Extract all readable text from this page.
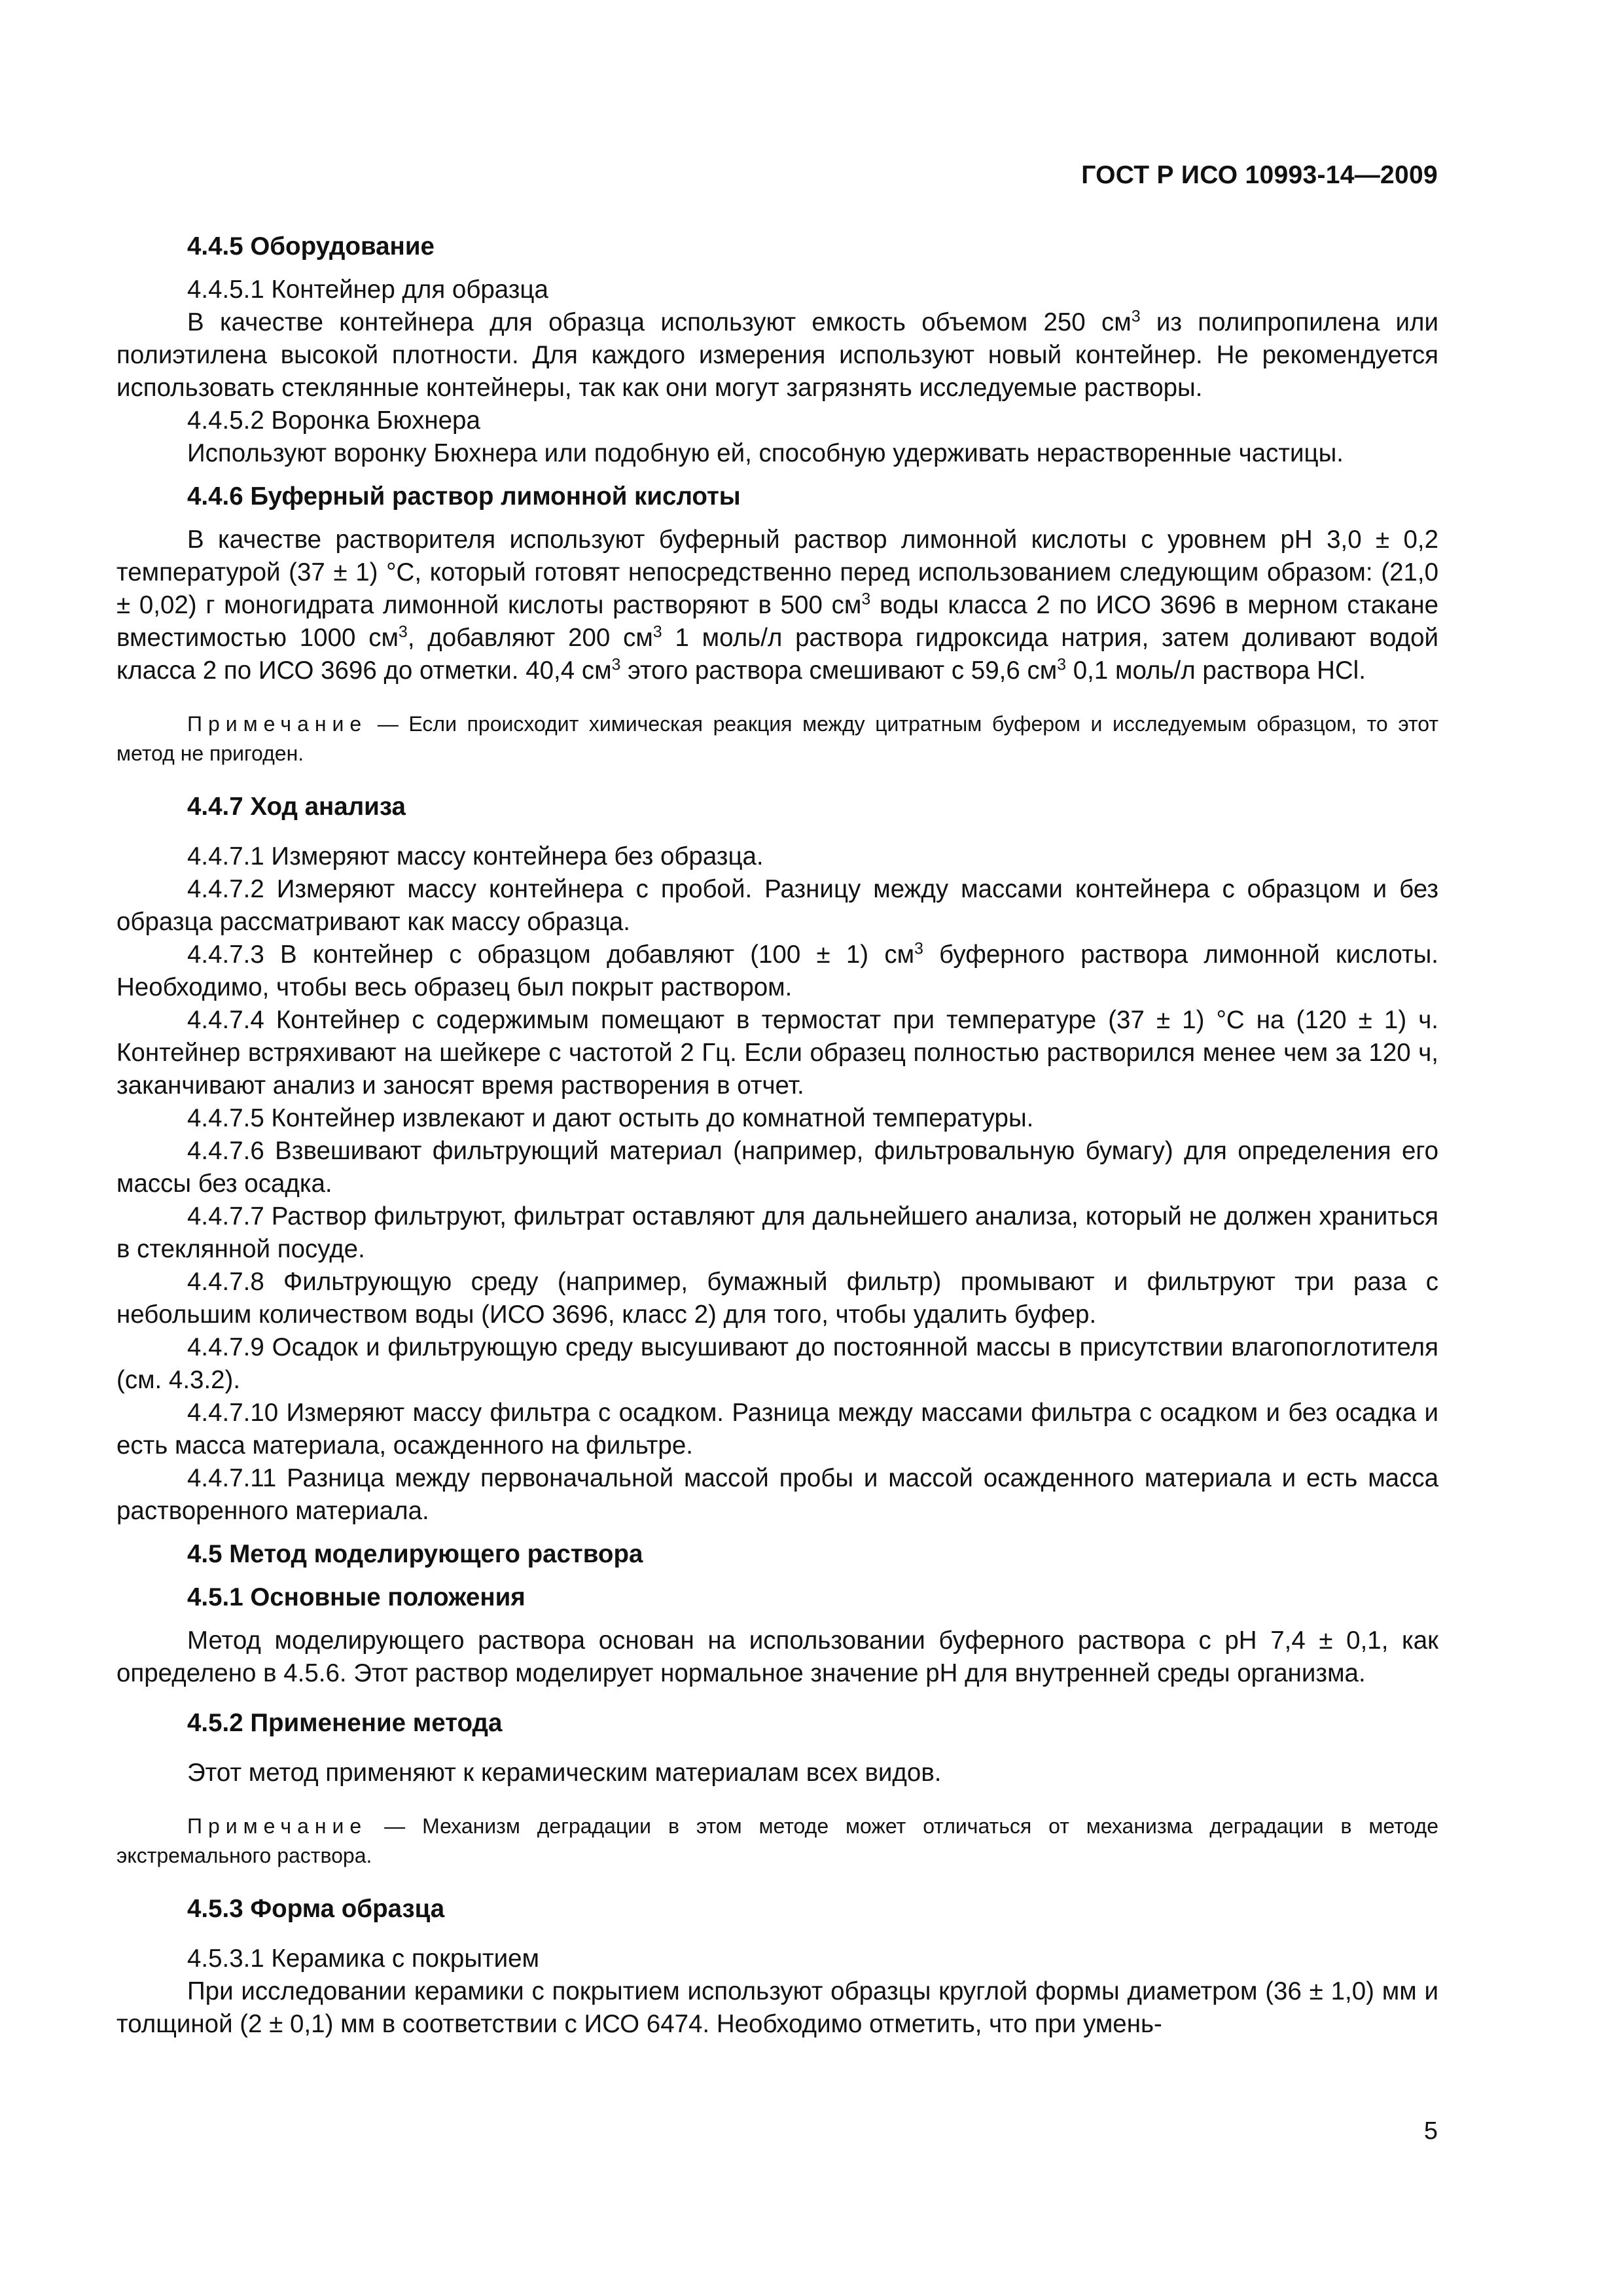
ГОСТ Р ИСО 10993-14—2009

4.4.5 Оборудование

4.4.5.1 Контейнер для образца

В качестве контейнера для образца используют емкость объемом 250 $см^3$ из полипропилена или полиэтилена высокой плотности. Для каждого измерения используют новый контейнер. Не рекомендуется использовать стеклянные контейнеры, так как они могут загрязнять исследуемые растворы.

4.4.5.2 Воронка Бюхнера

Используют воронку Бюхнера или подобную ей, способную удерживать нерастворенные частицы.

4.4.6 Буферный раствор лимонной кислоты

В качестве растворителя используют буферный раствор лимонной кислоты с уровнем pH 3,0 ± 0,2 температурой (37 ± 1) °С, который готовят непосредственно перед использованием следующим образом: (21,0 ± 0,02) г моногидрата лимонной кислоты растворяют в 500 $см^3$ воды класса 2 по ИСО 3696 в мерном стакане вместимостью 1000 $см^3$, добавляют 200 $см^3$ 1 моль/л раствора гидроксида натрия, затем доливают водой класса 2 по ИСО 3696 до отметки. 40,4 $см^3$ этого раствора смешивают с 59,6 $см^3$ 0,1 моль/л раствора HCl.

Примечание — Если происходит химическая реакция между цитратным буфером и исследуемым образцом, то этот метод не пригоден.

4.4.7 Ход анализа

4.4.7.1 Измеряют массу контейнера без образца.

4.4.7.2 Измеряют массу контейнера с пробой. Разницу между массами контейнера с образцом и без образца рассматривают как массу образца.

4.4.7.3 В контейнер с образцом добавляют (100 ± 1) $см^3$ буферного раствора лимонной кислоты. Необходимо, чтобы весь образец был покрыт раствором.

4.4.7.4 Контейнер с содержимым помещают в термостат при температуре (37 ± 1) °С на (120 ± 1) ч. Контейнер встряхивают на шейкере с частотой 2 Гц. Если образец полностью растворился менее чем за 120 ч, заканчивают анализ и заносят время растворения в отчет.

4.4.7.5 Контейнер извлекают и дают остыть до комнатной температуры.

4.4.7.6 Взвешивают фильтрующий материал (например, фильтровальную бумагу) для определения его массы без осадка.

4.4.7.7 Раствор фильтруют, фильтрат оставляют для дальнейшего анализа, который не должен храниться в стеклянной посуде.

4.4.7.8 Фильтрующую среду (например, бумажный фильтр) промывают и фильтруют три раза с небольшим количеством воды (ИСО 3696, класс 2) для того, чтобы удалить буфер.

4.4.7.9 Осадок и фильтрующую среду высушивают до постоянной массы в присутствии влагопоглотителя (см. 4.3.2).

4.4.7.10 Измеряют массу фильтра с осадком. Разница между массами фильтра с осадком и без осадка и есть масса материала, осажденного на фильтре.

4.4.7.11 Разница между первоначальной массой пробы и массой осажденного материала и есть масса растворенного материала.

4.5 Метод моделирующего раствора

4.5.1 Основные положения

Метод моделирующего раствора основан на использовании буферного раствора с pH 7,4 ± 0,1, как определено в 4.5.6. Этот раствор моделирует нормальное значение pH для внутренней среды организма.

4.5.2 Применение метода

Этот метод применяют к керамическим материалам всех видов.

Примечание — Механизм деградации в этом методе может отличаться от механизма деградации в методе экстремального раствора.

4.5.3 Форма образца

4.5.3.1 Керамика с покрытием

При исследовании керамики с покрытием используют образцы круглой формы диаметром (36 ± 1,0) мм и толщиной (2 ± 0,1) мм в соответствии с ИСО 6474. Необходимо отметить, что при умень-

5
